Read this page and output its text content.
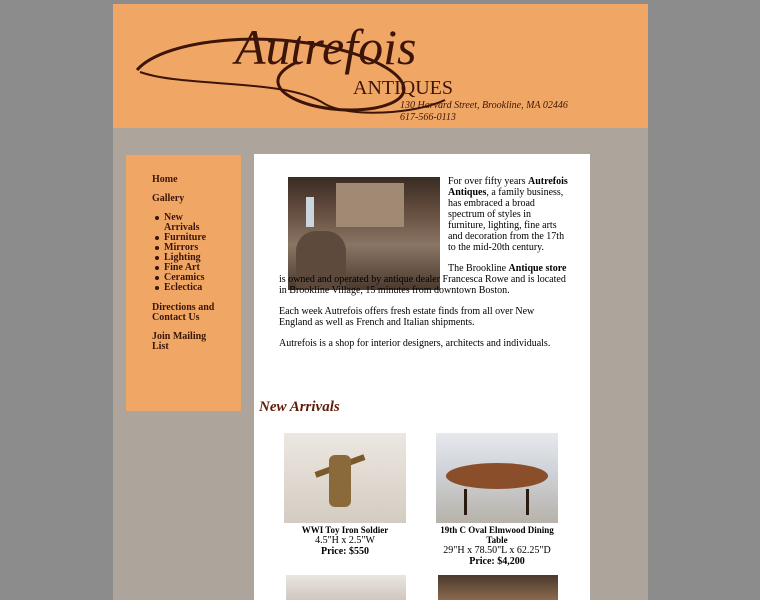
Autrefois
ANTIQUES
130 Harvard Street, Brookline, MA 02446
617-566-0113
Home
Gallery
New Arrivals
Furniture
Mirrors
Lighting
Fine Art
Ceramics
Eclectica
Directions and Contact Us
Join Mailing List

For over fifty years Autrefois Antiques, a family business, has embraced a broad spectrum of styles in furniture, lighting, fine arts and decoration from the 17th to the mid-20th century.

The Brookline Antique store is owned and operated by antique dealer Francesca Rowe and is located in Brookline Village, 15 minutes from downtown Boston.

Each week Autrefois offers fresh estate finds from all over New England as well as French and Italian shipments.

Autrefois is a shop for interior designers, architects and individuals.

New Arrivals
WWI Toy Iron Soldier
4.5"H x 2.5"W
Price: $550
19th C Oval Elmwood Dining Table
29"H x 78.50"L x 62.25"D
Price: $4,200
